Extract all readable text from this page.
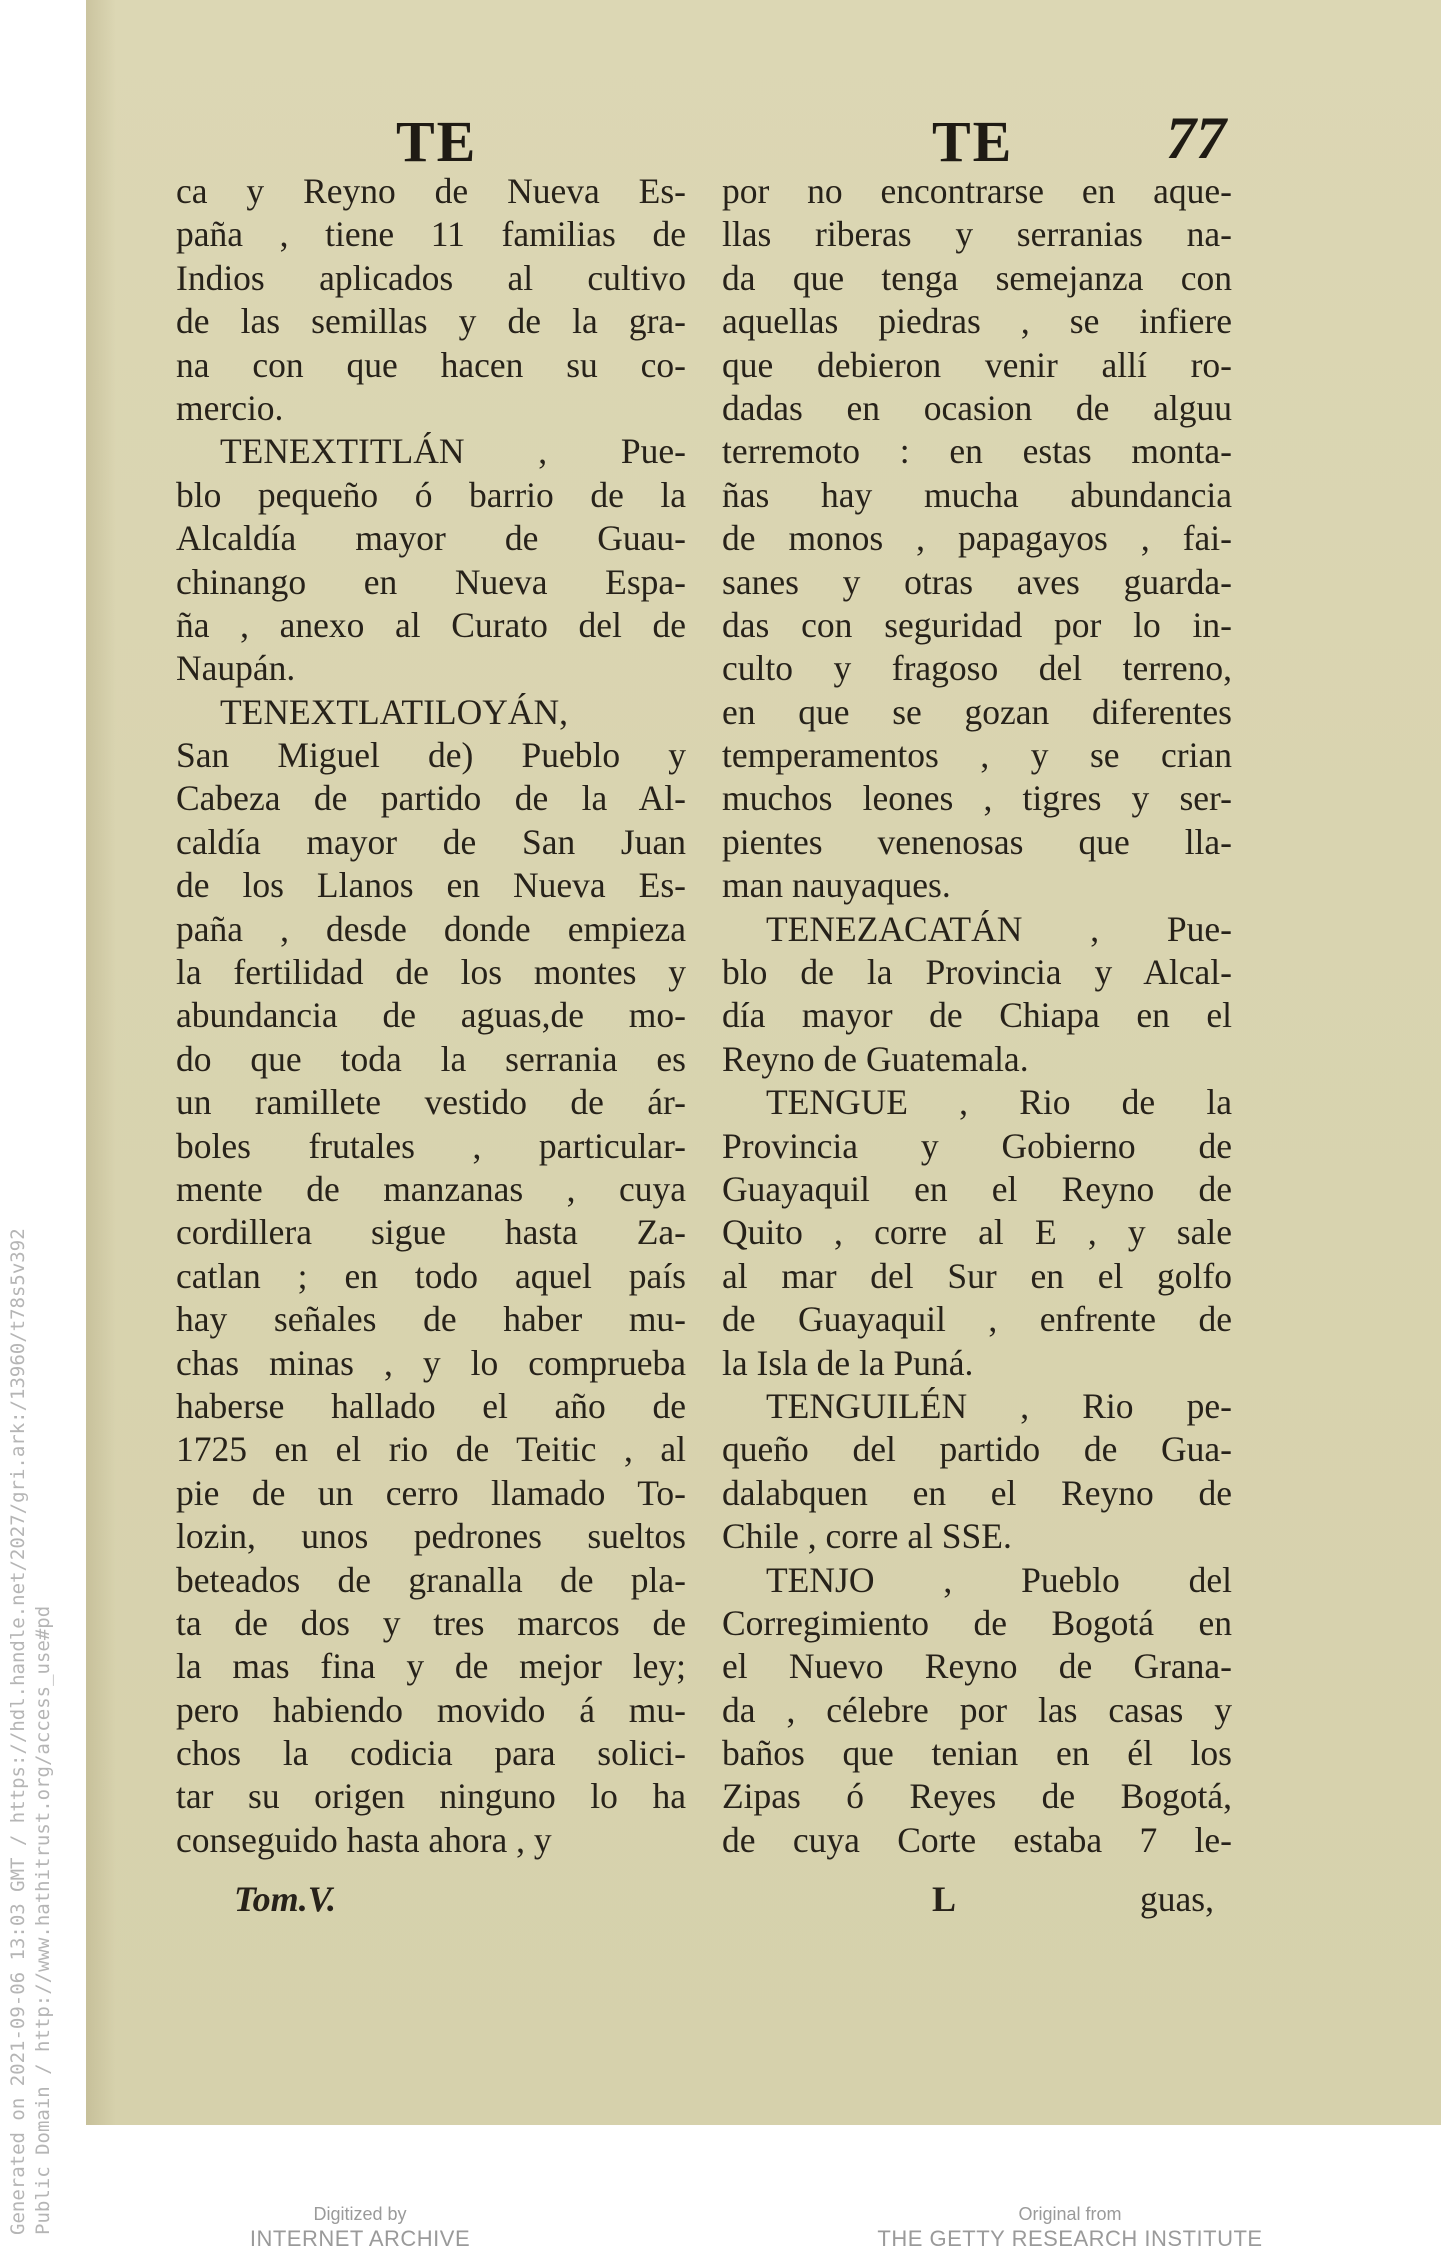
Generated on 2021-09-06 13:03 GMT / https://hdl.handle.net/2027/gri.ark:/13960/t78s5v392 Public Domain / http://www.hathitrust.org/access_use#pd
TE	TE	77
ca y Reyno de Nueva Es-
paña , tiene 11 familias de
Indios aplicados al cultivo
de las semillas y de la gra-
na con que hacen su co-
mercio.
TENEXTITLÁN , Pue-
blo pequeño ó barrio de la
Alcaldía mayor de Guau-
chinango en Nueva Espa-
ña , anexo al Curato del de
Naupán.
TENEXTLATILOYÁN,
San Miguel de) Pueblo y
Cabeza de partido de la Al-
caldía mayor de San Juan
de los Llanos en Nueva Es-
paña , desde donde empieza
la fertilidad de los montes y
abundancia de aguas,de mo-
do que toda la serrania es
un ramillete vestido de ár-
boles frutales , particular-
mente de manzanas , cuya
cordillera sigue hasta Za-
catlan ; en todo aquel país
hay señales de haber mu-
chas minas , y lo comprueba
haberse hallado el año de
1725 en el rio de Teitic , al
pie de un cerro llamado To-
lozin, unos pedrones sueltos
beteados de granalla de pla-
ta de dos y tres marcos de
la mas fina y de mejor ley;
pero habiendo movido á mu-
chos la codicia para solici-
tar su origen ninguno lo ha
conseguido hasta ahora , y
por no encontrarse en aque-
llas riberas y serranias na-
da que tenga semejanza con
aquellas piedras , se infiere
que debieron venir allí ro-
dadas en ocasion de alguu
terremoto : en estas monta-
ñas hay mucha abundancia
de monos , papagayos , fai-
sanes y otras aves guarda-
das con seguridad por lo in-
culto y fragoso del terreno,
en que se gozan diferentes
temperamentos , y se crian
muchos leones , tigres y ser-
pientes venenosas que lla-
man nauyaques.
TENEZACATÁN , Pue-
blo de la Provincia y Alcal-
día mayor de Chiapa en el
Reyno de Guatemala.
TENGUE , Rio de la
Provincia y Gobierno de
Guayaquil en el Reyno de
Quito , corre al E , y sale
al mar del Sur en el golfo
de Guayaquil , enfrente de
la Isla de la Puná.
TENGUILÉN , Rio pe-
queño del partido de Gua-
dalabquen en el Reyno de
Chile , corre al SSE.
TENJO , Pueblo del
Corregimiento de Bogotá en
el Nuevo Reyno de Grana-
da , célebre por las casas y
baños que tenian en él los
Zipas ó Reyes de Bogotá,
de cuya Corte estaba 7 le-
Tom.V.	L	guas,
Digitized by
INTERNET ARCHIVE
Original from
THE GETTY RESEARCH INSTITUTE
